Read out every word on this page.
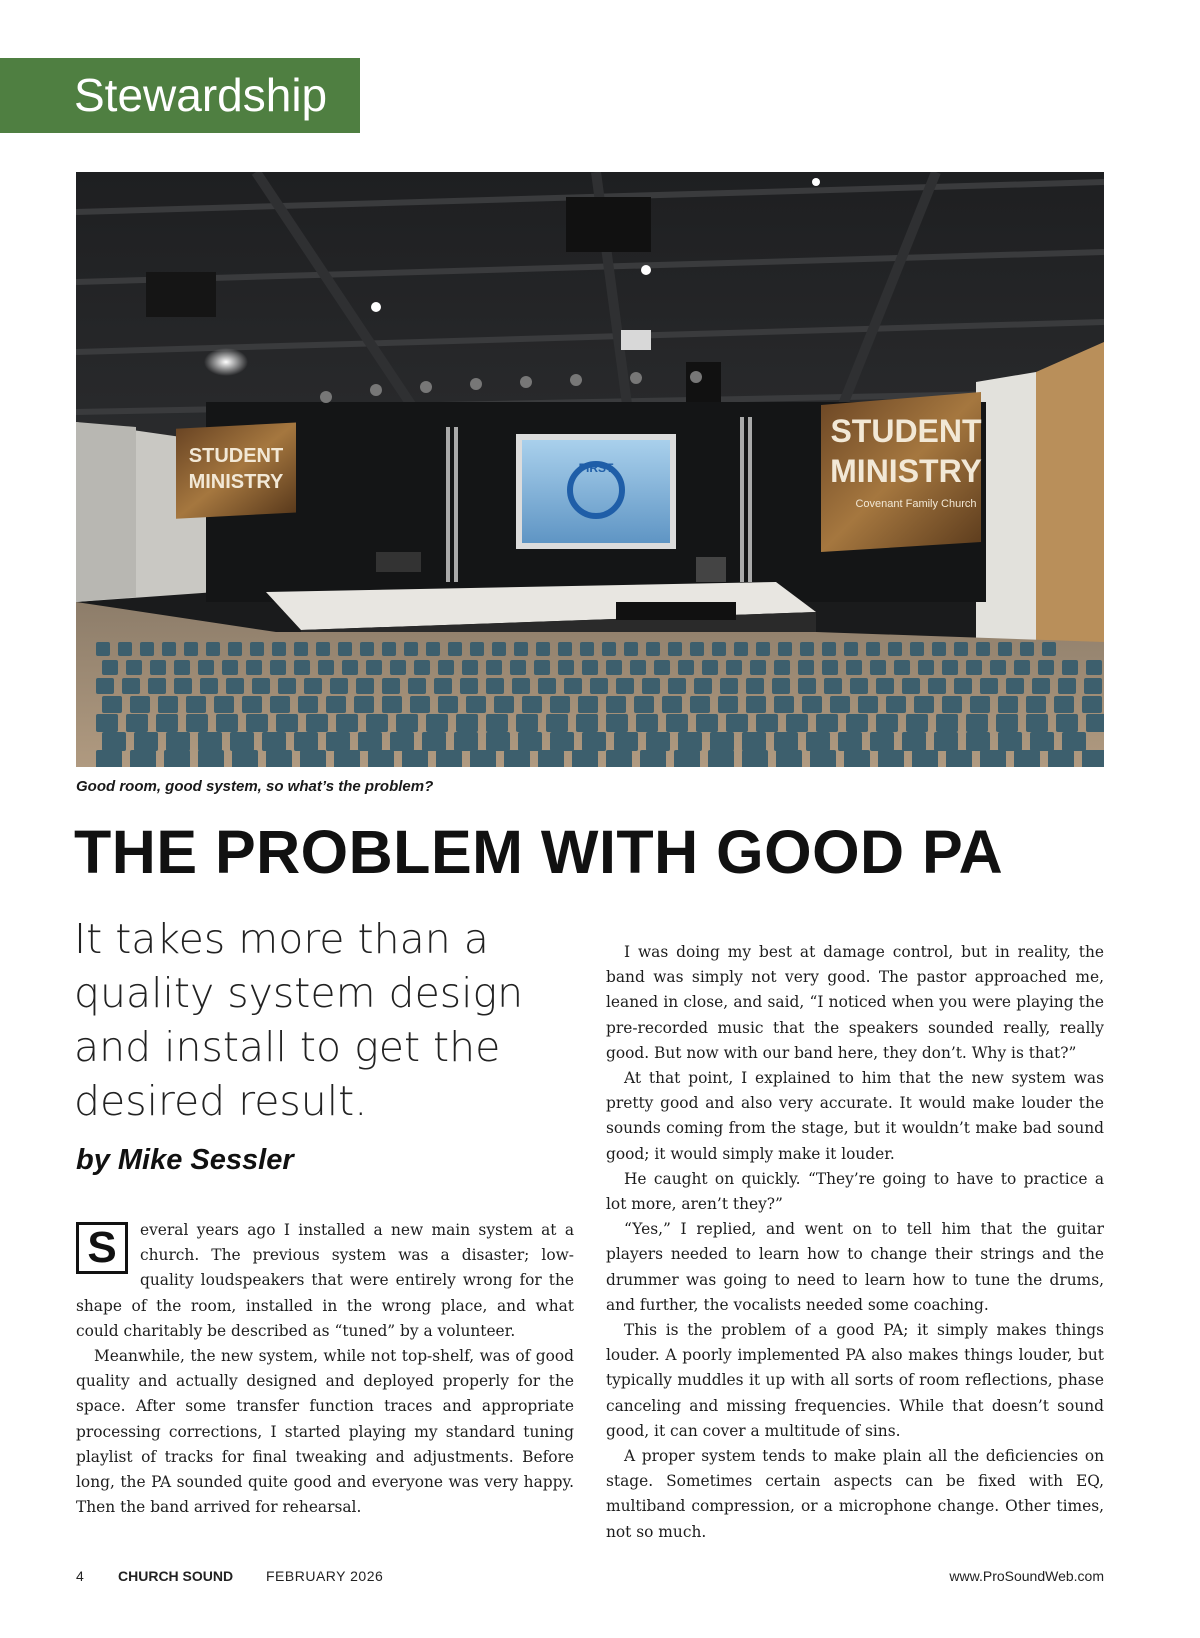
Stewardship
FIRST
STUDENT
MINISTRY
STUDENT
MINISTRY
Covenant Family Church
Good room, good system, so what’s the problem?
THE PROBLEM WITH GOOD PA

It takes more than a quality system design and install to get the desired result.

by Mike Sessler

S	everal years ago I installed a new main system at a church. The previous system was a disaster; low-quality loudspeakers that were entirely wrong for the shape of the room, installed in the wrong place, and what could charitably be described as “tuned” by a volunteer.

Meanwhile, the new system, while not top-shelf, was of good quality and actually designed and deployed properly for the space. After some transfer function traces and appropriate processing corrections, I started playing my standard tuning playlist of tracks for final tweaking and adjustments. Before long, the PA sounded quite good and everyone was very happy. Then the band arrived for rehearsal.

I was doing my best at damage control, but in reality, the band was simply not very good. The pastor approached me, leaned in close, and said, “I noticed when you were playing the pre-recorded music that the speakers sounded really, really good. But now with our band here, they don’t. Why is that?”

At that point, I explained to him that the new system was pretty good and also very accurate. It would make louder the sounds coming from the stage, but it wouldn’t make bad sound good; it would simply make it louder.

He caught on quickly. “They’re going to have to practice a lot more, aren’t they?”

“Yes,” I replied, and went on to tell him that the guitar players needed to learn how to change their strings and the drummer was going to need to learn how to tune the drums, and further, the vocalists needed some coaching.

This is the problem of a good PA; it simply makes things louder. A poorly implemented PA also makes things louder, but typically muddles it up with all sorts of room reflections, phase canceling and missing frequencies. While that doesn’t sound good, it can cover a multitude of sins.

A proper system tends to make plain all the deficiencies on stage. Sometimes certain aspects can be fixed with EQ, multiband compression, or a microphone change. Other times, not so much.

4 CHURCH SOUND FEBRUARY 2026	www.ProSoundWeb.com
